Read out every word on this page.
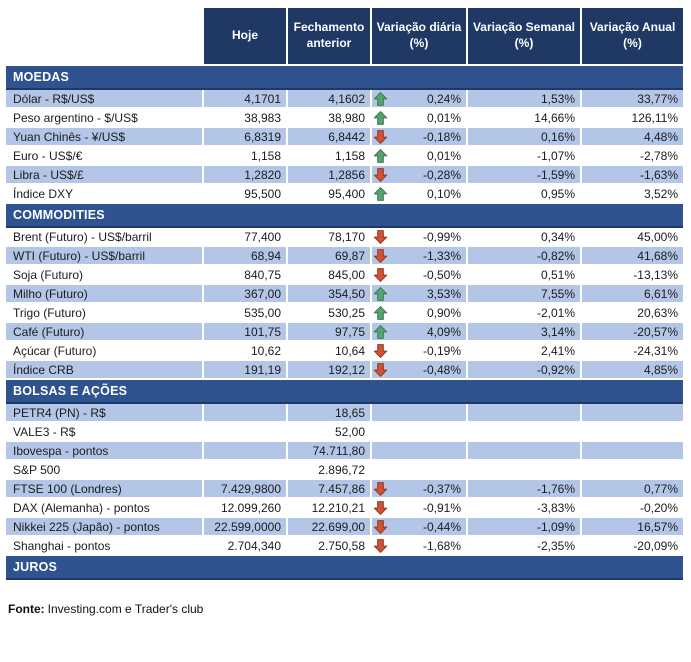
	Hoje	Fechamento anterior	Variação diária (%)	Variação Semanal (%)	Variação Anual (%)
MOEDAS					
Dólar - R$/US$	4,1701	4,1602	0,24%	1,53%	33,77%
Peso argentino - $/US$	38,983	38,980	0,01%	14,66%	126,11%
Yuan Chinês - ¥/US$	6,8319	6,8442	-0,18%	0,16%	4,48%
Euro - US$/€	1,158	1,158	0,01%	-1,07%	-2,78%
Libra - US$/£	1,2820	1,2856	-0,28%	-1,59%	-1,63%
Índice DXY	95,500	95,400	0,10%	0,95%	3,52%
COMMODITIES					
Brent (Futuro) - US$/barril	77,400	78,170	-0,99%	0,34%	45,00%
WTI (Futuro) - US$/barril	68,94	69,87	-1,33%	-0,82%	41,68%
Soja (Futuro)	840,75	845,00	-0,50%	0,51%	-13,13%
Milho (Futuro)	367,00	354,50	3,53%	7,55%	6,61%
Trigo (Futuro)	535,00	530,25	0,90%	-2,01%	20,63%
Café (Futuro)	101,75	97,75	4,09%	3,14%	-20,57%
Açúcar (Futuro)	10,62	10,64	-0,19%	2,41%	-24,31%
Índice CRB	191,19	192,12	-0,48%	-0,92%	4,85%
BOLSAS E AÇÕES					
PETR4 (PN) - R$		18,65			
VALE3 - R$		52,00			
Ibovespa - pontos		74.711,80			
S&P 500		2.896,72			
FTSE 100 (Londres)	7.429,9800	7.457,86	-0,37%	-1,76%	0,77%
DAX (Alemanha) - pontos	12.099,260	12.210,21	-0,91%	-3,83%	-0,20%
Nikkei 225 (Japão) - pontos	22.599,0000	22.699,00	-0,44%	-1,09%	16,57%
Shanghai - pontos	2.704,340	2.750,58	-1,68%	-2,35%	-20,09%
JUROS					
Fonte: Investing.com e Trader's club
